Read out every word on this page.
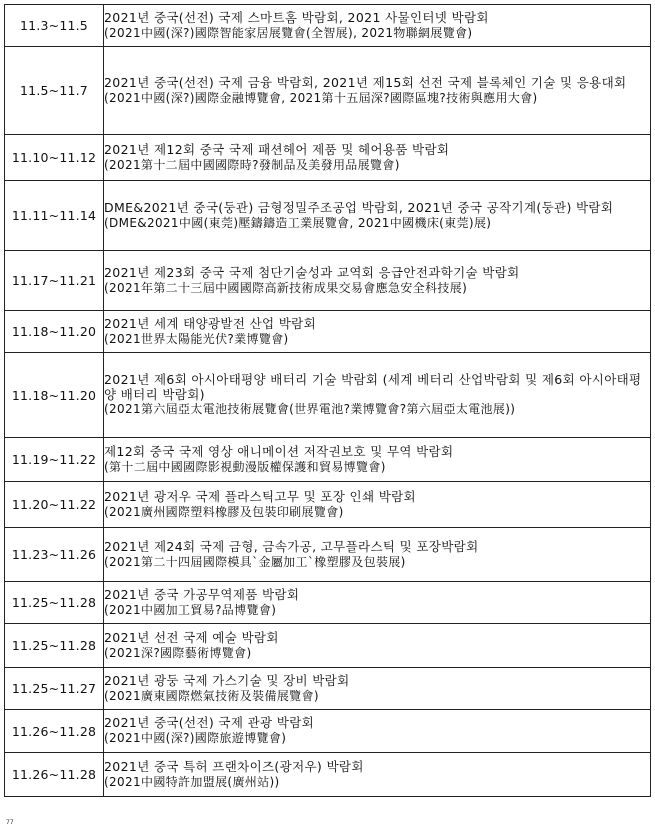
11.3~11.5	2021년 중국(선전) 국제 스마트홈 박람회, 2021 사물인터넷 박람회
(2021中國(深?)國際智能家居展覽會(全智展), 2021物聯網展覽會)

11.5~11.7	2021년 중국(선전) 국제 금융 박람회, 2021년 제15회 선전 국제 블록체인 기술 및 응용대회
(2021中國(深?)國際金融博覽會, 2021第十五屆深?國際區塊?技術與應用大會)

11.10~11.12	2021년 제12회 중국 국제 패션헤어 제품 및 헤어용품 박람회
(2021第十二屆中國國際時?發制品及美發用品展覽會)

11.11~11.14	DME&2021년 중국(둥관) 금형정밀주조공업 박람회, 2021년 중국 공작기계(둥관) 박람회
(DME&2021中國(東莞)壓鑄鑄造工業展覽會, 2021中國機床(東莞)展)

11.17~11.21	2021년 제23회 중국 국제 첨단기술성과 교역회 응급안전과학기술 박람회
(2021年第二十三屆中國國際高新技術成果交易會應急安全科技展)

11.18~11.20	2021년 세계 태양광발전 산업 박람회
(2021世界太陽能光伏?業博覽會)

11.18~11.20	2021년 제6회 아시아태평양 배터리 기술 박람회 (세계 베터리 산업박람회 및 제6회 아시아태평양 배터리 박람회)
(2021第六屆亞太電池技術展覽會(世界電池?業博覽會?第六屆亞太電池展))

11.19~11.22	제12회 중국 국제 영상 애니메이션 저작권보호 및 무역 박람회
(第十二屆中國國際影視動漫版權保護和貿易博覽會)

11.20~11.22	2021년 광저우 국제 플라스틱고무 및 포장 인쇄 박람회
(2021廣州國際塑料橡膠及包裝印刷展覽會)

11.23~11.26	2021년 제24회 국제 금형, 금속가공, 고무플라스틱 및 포장박람회
(2021第二十四屆國際模具`金屬加工`橡塑膠及包裝展)

11.25~11.28	2021년 중국 가공무역제품 박람회
(2021中國加工貿易?品博覽會)

11.25~11.28	2021년 선전 국제 예술 박람회
(2021深?國際藝術博覽會)

11.25~11.27	2021년 광둥 국제 가스기술 및 장비 박람회
(2021廣東國際燃氣技術及裝備展覽會)

11.26~11.28	2021년 중국(선전) 국제 관광 박람회
(2021中國(深?)國際旅遊博覽會)

11.26~11.28	2021년 중국 특허 프랜차이즈(광저우) 박람회
(2021中國特許加盟展(廣州站))
77
